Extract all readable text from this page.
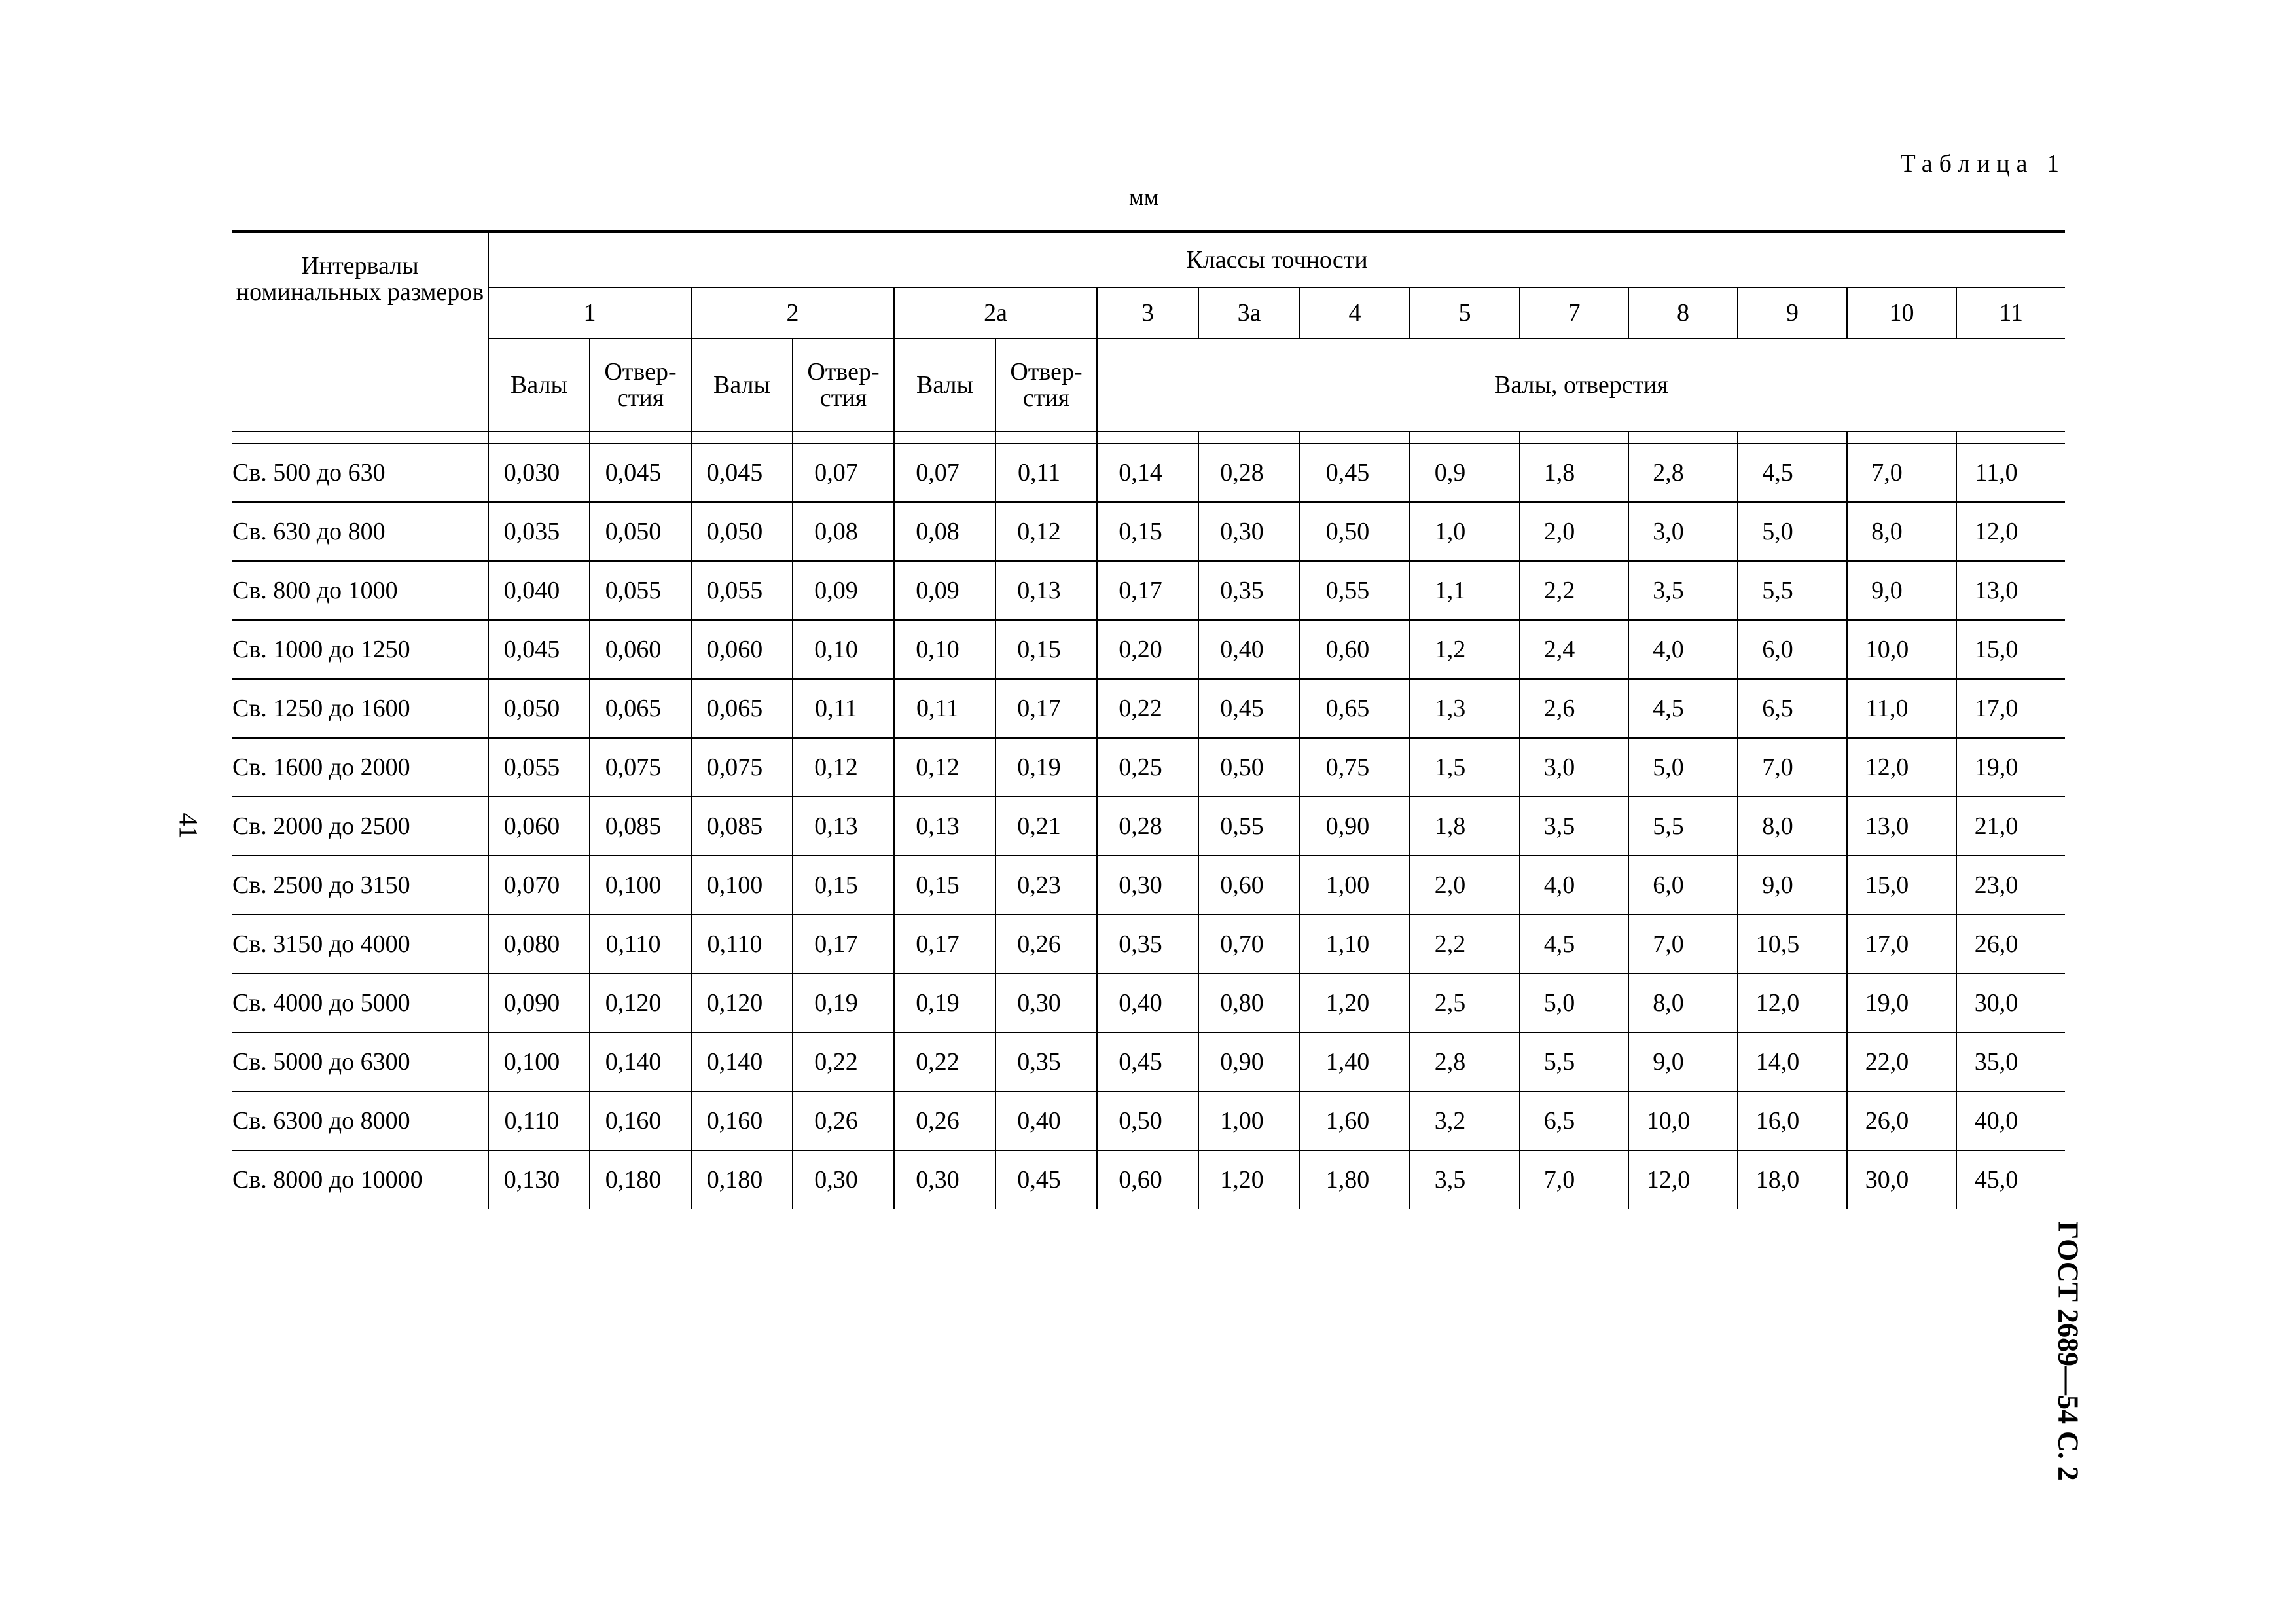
Таблица 1
мм
41
ГОСТ 2689—54 С. 2
Интервалы номинальных размеров	Классы точности														
	1		2		2а		3	3а	4	5	7	8	9	10	11
	Валы	Отвер-стия	Валы	Отвер-стия	Валы	Отвер-стия	Валы, отверстия								

Св. 500 до 630	0,030	0,045	0,045	0,07	0,07	0,11	0,14	0,28	0,45	0,9	1,8	2,8	4,5	7,0	11,0
Св. 630 до 800	0,035	0,050	0,050	0,08	0,08	0,12	0,15	0,30	0,50	1,0	2,0	3,0	5,0	8,0	12,0
Св. 800 до 1000	0,040	0,055	0,055	0,09	0,09	0,13	0,17	0,35	0,55	1,1	2,2	3,5	5,5	9,0	13,0
Св. 1000 до 1250	0,045	0,060	0,060	0,10	0,10	0,15	0,20	0,40	0,60	1,2	2,4	4,0	6,0	10,0	15,0
Св. 1250 до 1600	0,050	0,065	0,065	0,11	0,11	0,17	0,22	0,45	0,65	1,3	2,6	4,5	6,5	11,0	17,0
Св. 1600 до 2000	0,055	0,075	0,075	0,12	0,12	0,19	0,25	0,50	0,75	1,5	3,0	5,0	7,0	12,0	19,0
Св. 2000 до 2500	0,060	0,085	0,085	0,13	0,13	0,21	0,28	0,55	0,90	1,8	3,5	5,5	8,0	13,0	21,0
Св. 2500 до 3150	0,070	0,100	0,100	0,15	0,15	0,23	0,30	0,60	1,00	2,0	4,0	6,0	9,0	15,0	23,0
Св. 3150 до 4000	0,080	0,110	0,110	0,17	0,17	0,26	0,35	0,70	1,10	2,2	4,5	7,0	10,5	17,0	26,0
Св. 4000 до 5000	0,090	0,120	0,120	0,19	0,19	0,30	0,40	0,80	1,20	2,5	5,0	8,0	12,0	19,0	30,0
Св. 5000 до 6300	0,100	0,140	0,140	0,22	0,22	0,35	0,45	0,90	1,40	2,8	5,5	9,0	14,0	22,0	35,0
Св. 6300 до 8000	0,110	0,160	0,160	0,26	0,26	0,40	0,50	1,00	1,60	3,2	6,5	10,0	16,0	26,0	40,0
Св. 8000 до 10000	0,130	0,180	0,180	0,30	0,30	0,45	0,60	1,20	1,80	3,5	7,0	12,0	18,0	30,0	45,0
